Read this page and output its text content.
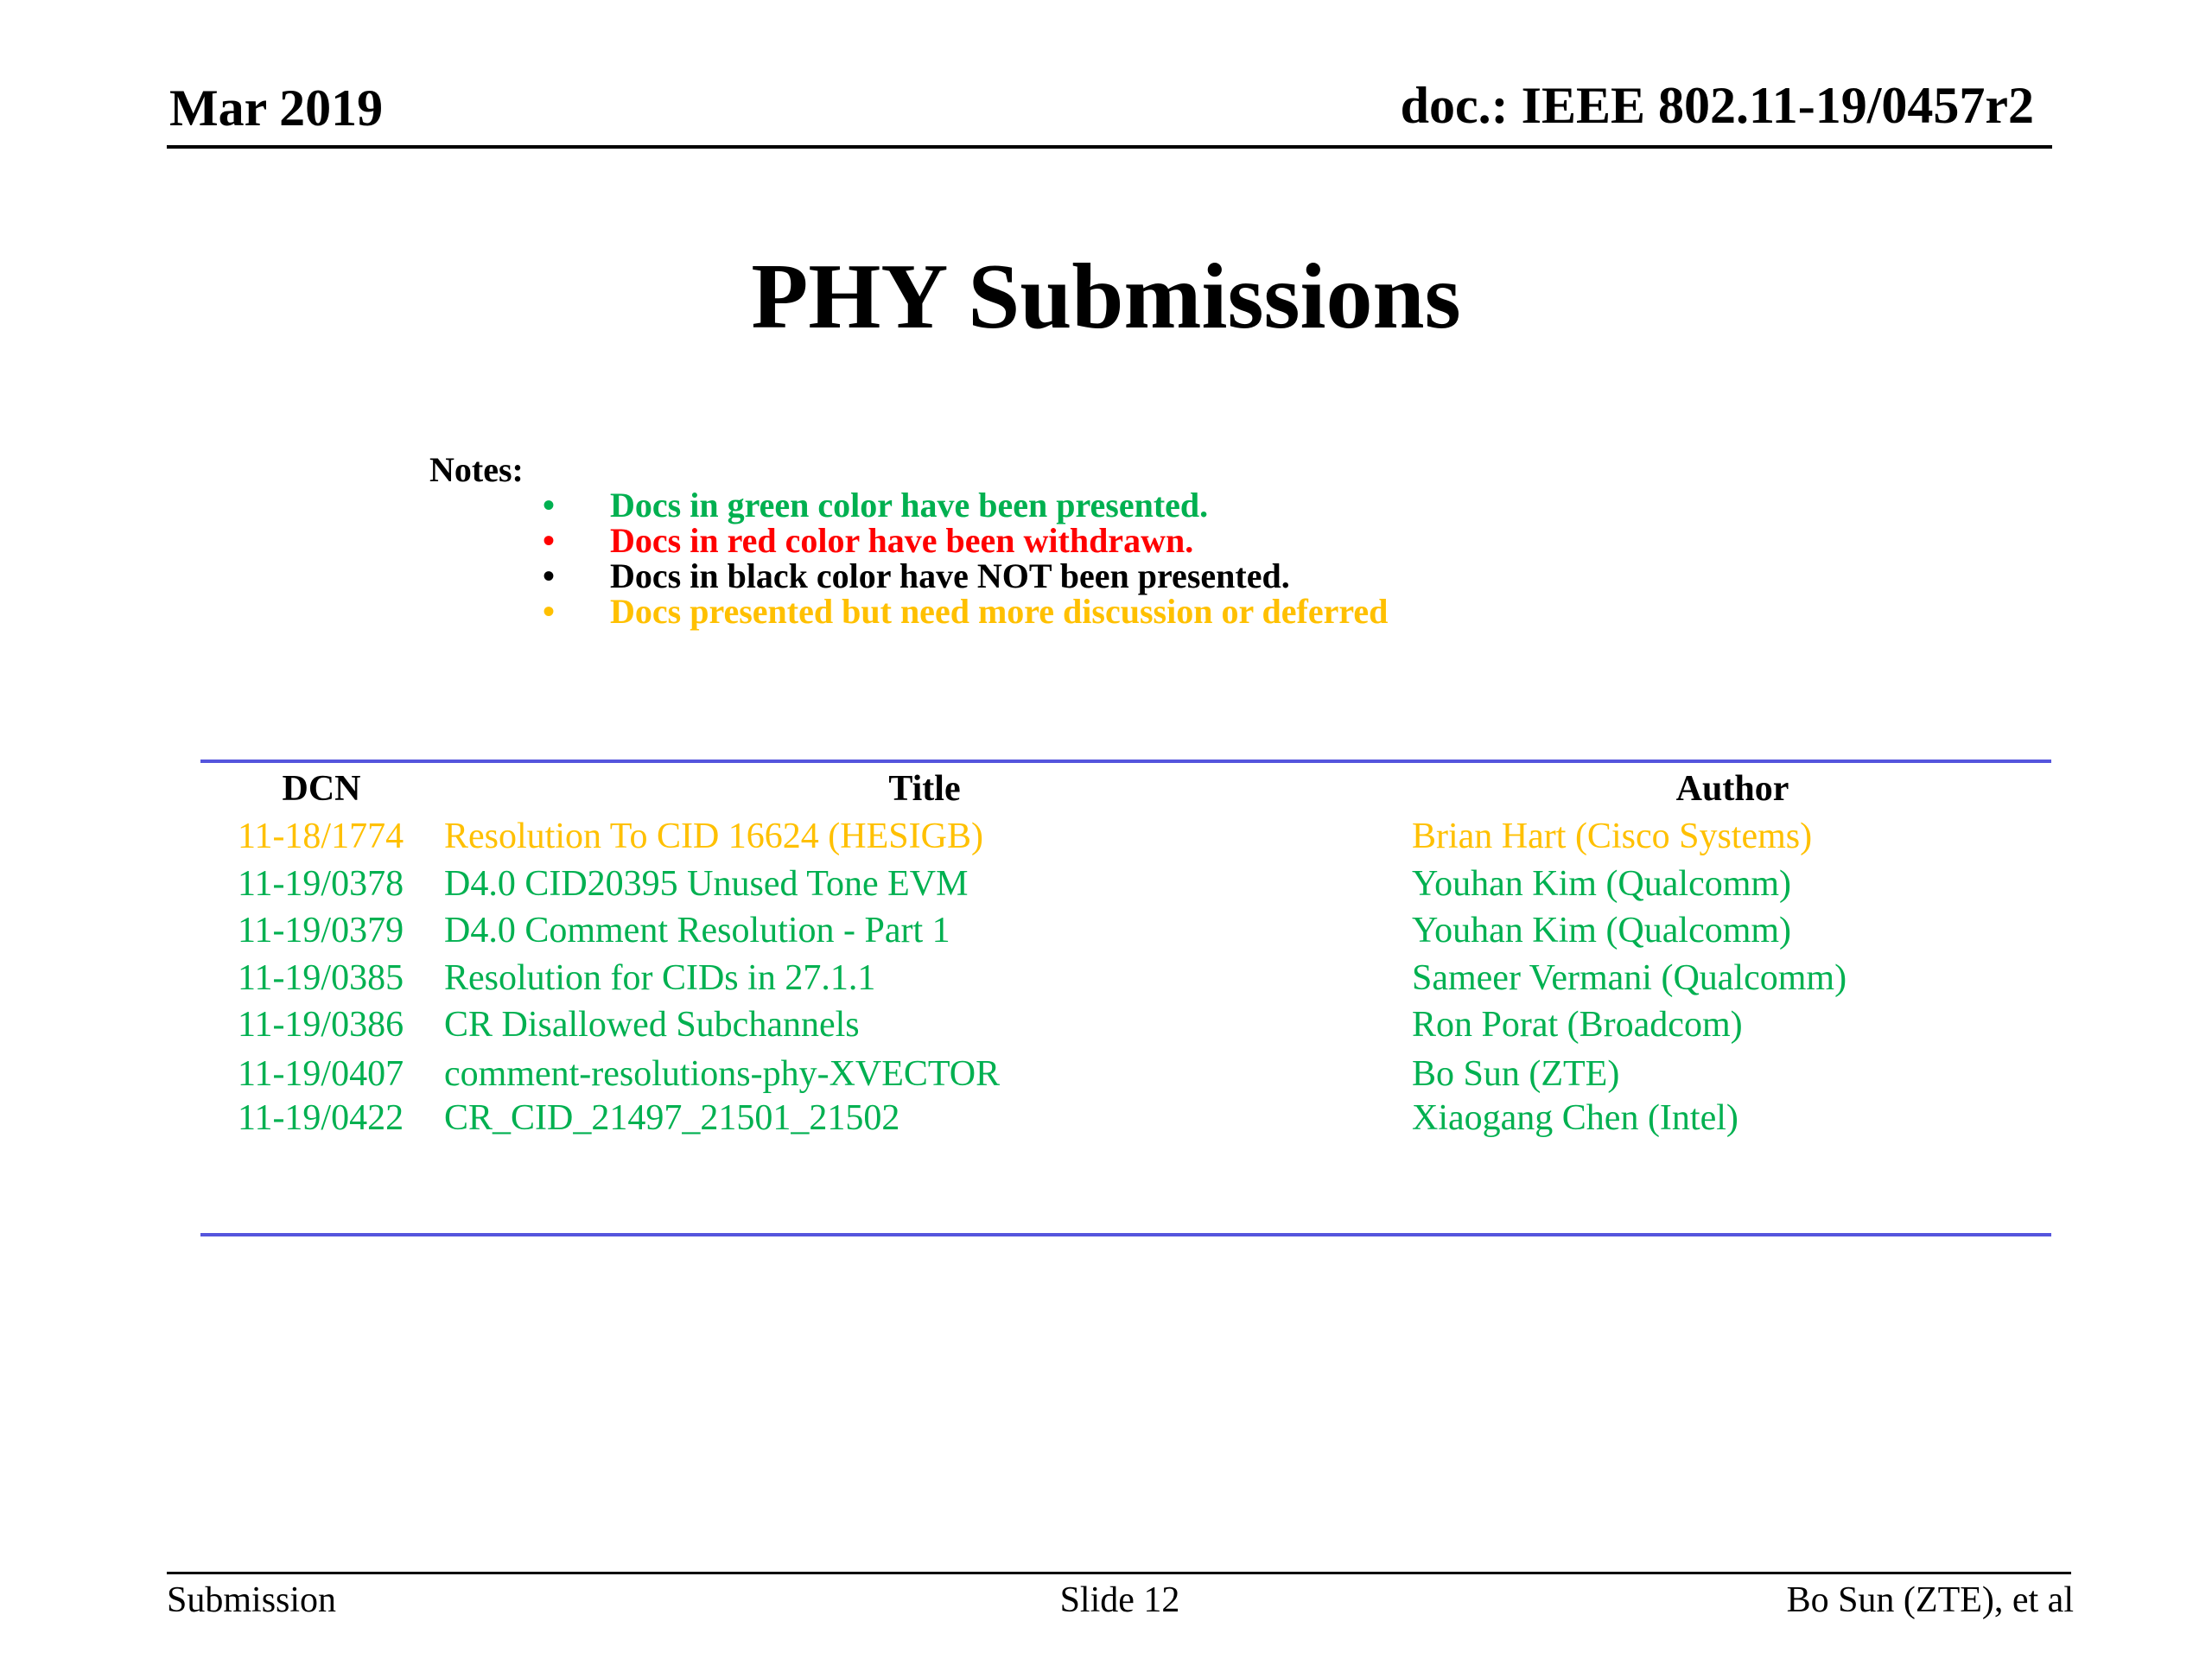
Mar 2019	doc.: IEEE 802.11-19/0457r2
PHY Submissions
Notes:
• Docs in green color have been presented.
• Docs in red color have been withdrawn.
• Docs in black color have NOT been presented.
• Docs presented but need more discussion or deferred
DCN	Title	Author
11-18/1774 Resolution To CID 16624 (HESIGB)	Brian Hart (Cisco Systems)
11-19/0378 D4.0 CID20395 Unused Tone EVM	Youhan Kim (Qualcomm)
11-19/0379 D4.0 Comment Resolution - Part 1	Youhan Kim (Qualcomm)
11-19/0385 Resolution for CIDs in 27.1.1	Sameer Vermani (Qualcomm)
11-19/0386 CR Disallowed Subchannels	Ron Porat (Broadcom)
11-19/0407 comment-resolutions-phy-XVECTOR	Bo Sun (ZTE)
11-19/0422 CR_CID_21497_21501_21502	Xiaogang Chen (Intel)
Submission	Slide 12	Bo Sun (ZTE), et al
